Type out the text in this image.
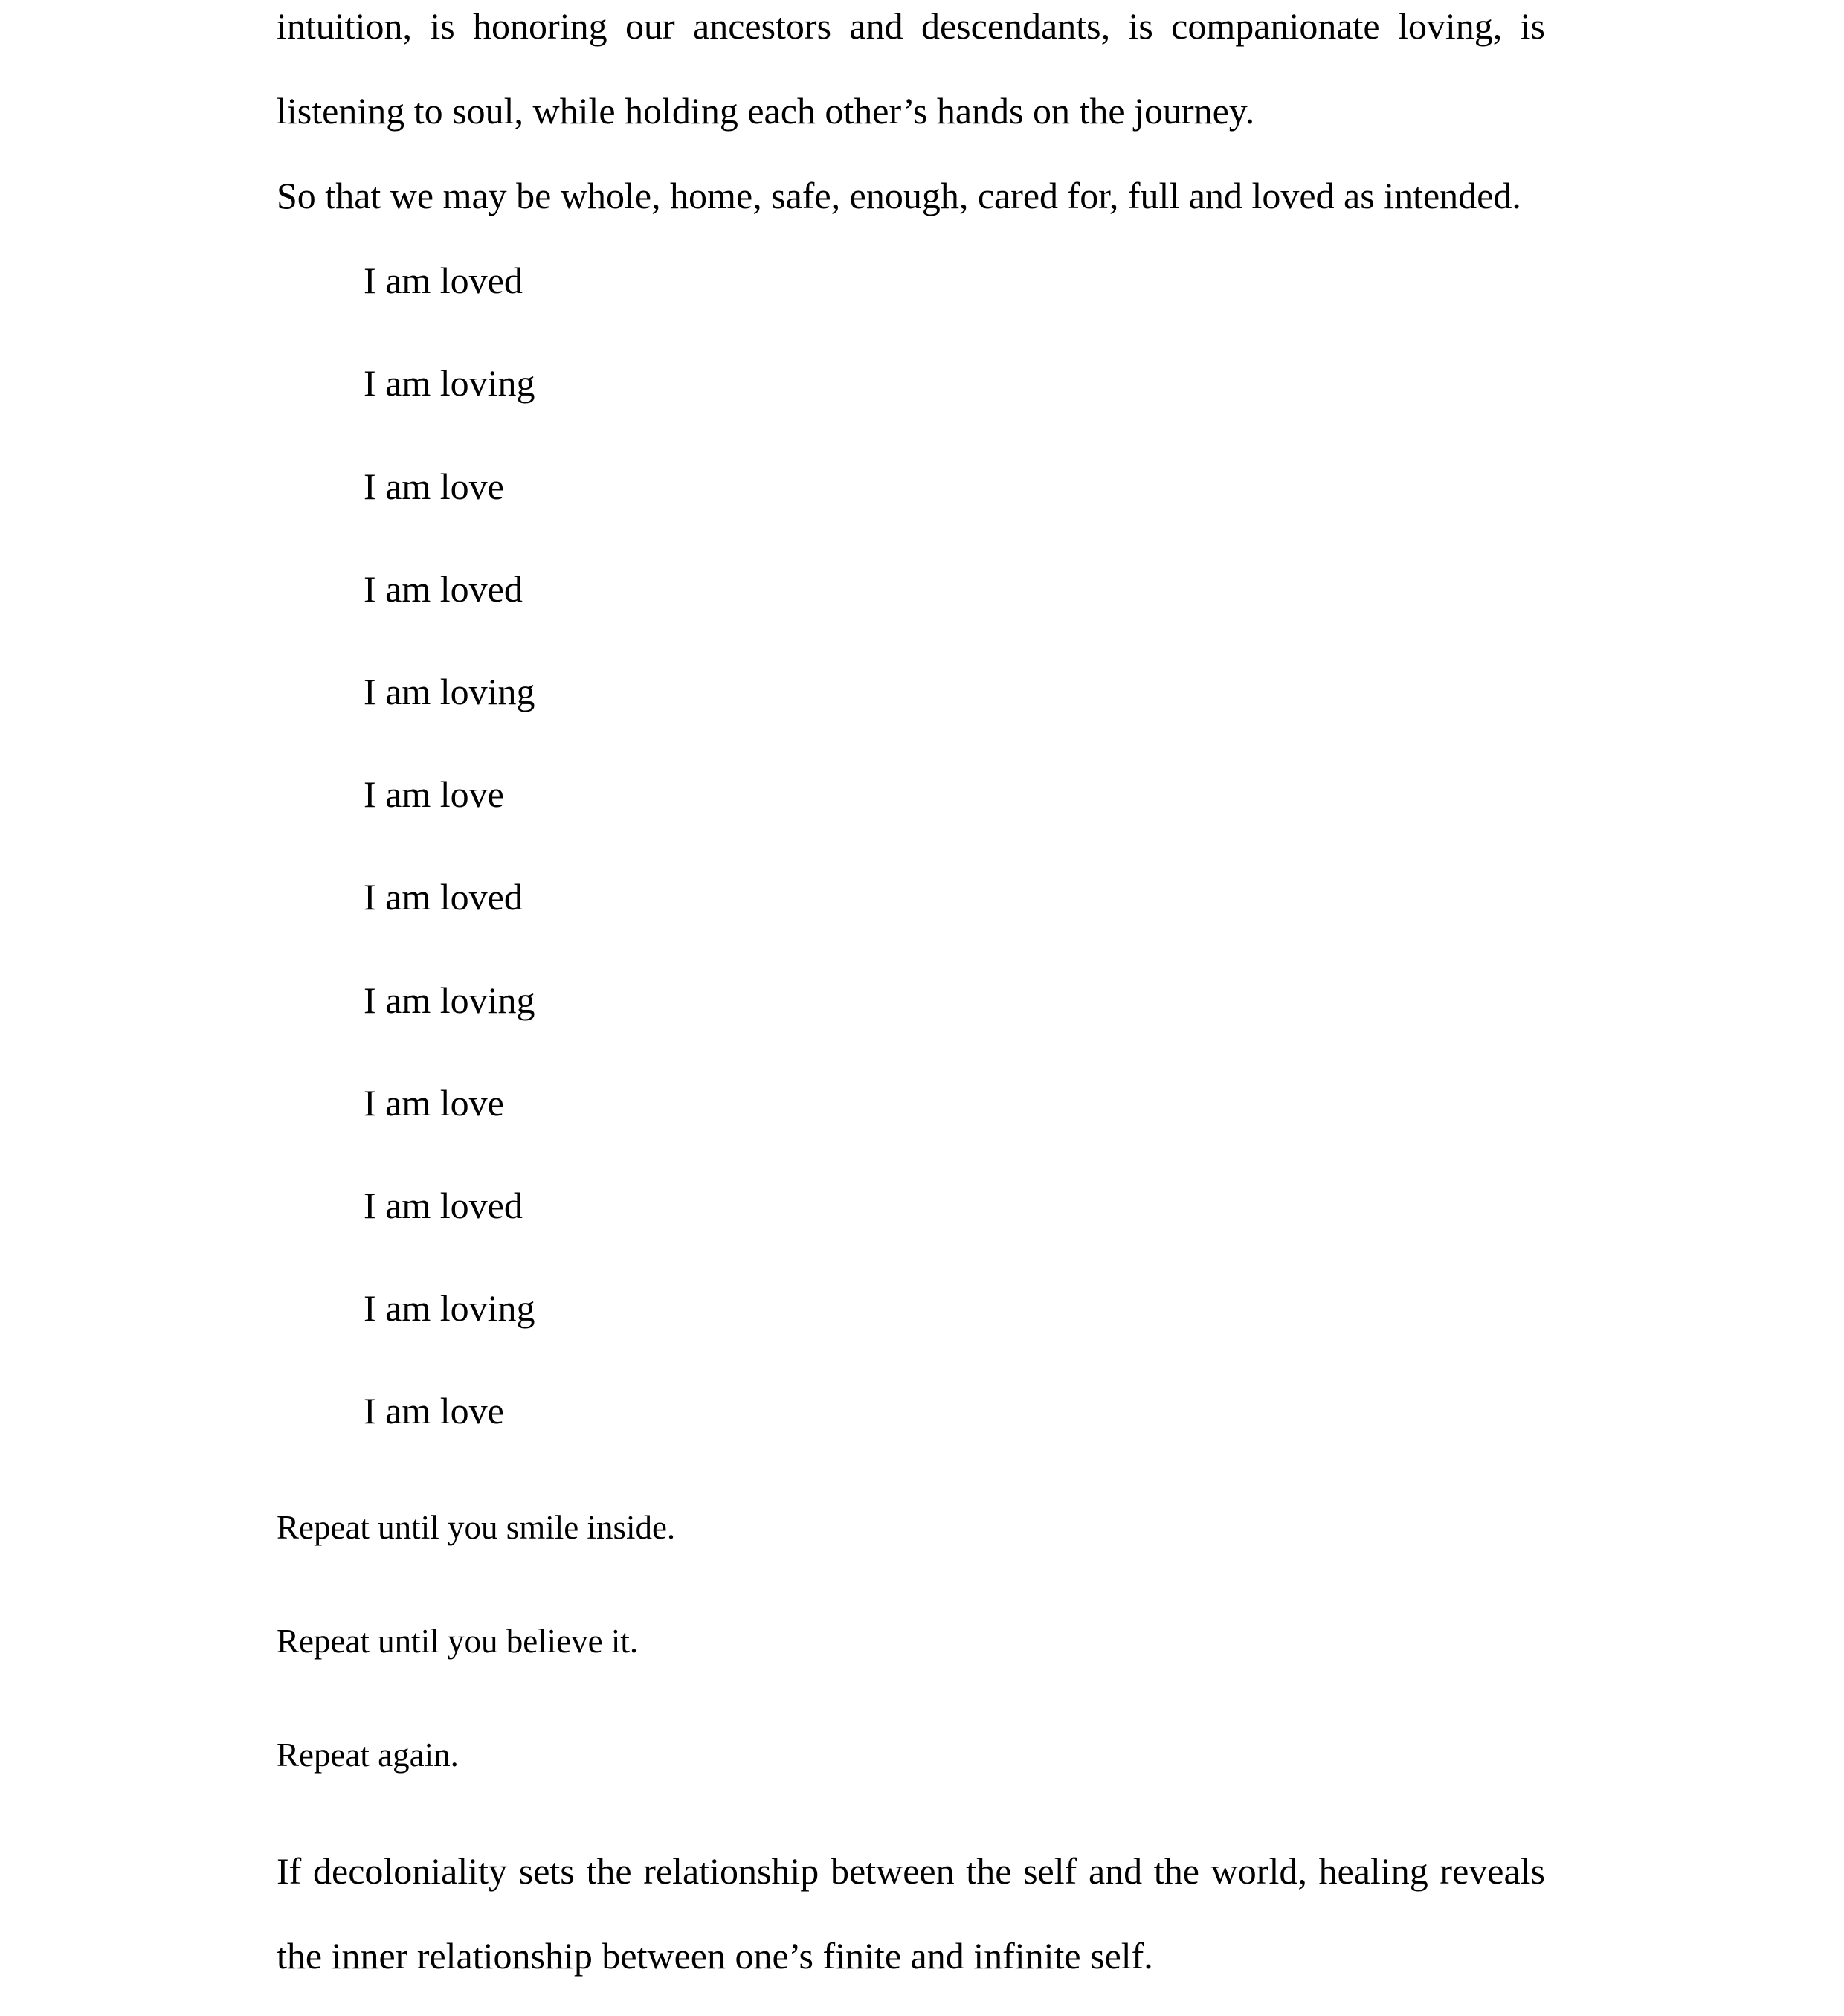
intuition, is honoring our ancestors and descendants, is companionate loving, is
listening to soul, while holding each other’s hands on the journey.
So that we may be whole, home, safe, enough, cared for, full and loved as intended.
I am loved
I am loving
I am love
I am loved
I am loving
I am love
I am loved
I am loving
I am love
I am loved
I am loving
I am love
Repeat until you smile inside.
Repeat until you believe it.
Repeat again.
If decoloniality sets the relationship between the self and the world, healing reveals
the inner relationship between one’s finite and infinite self.
